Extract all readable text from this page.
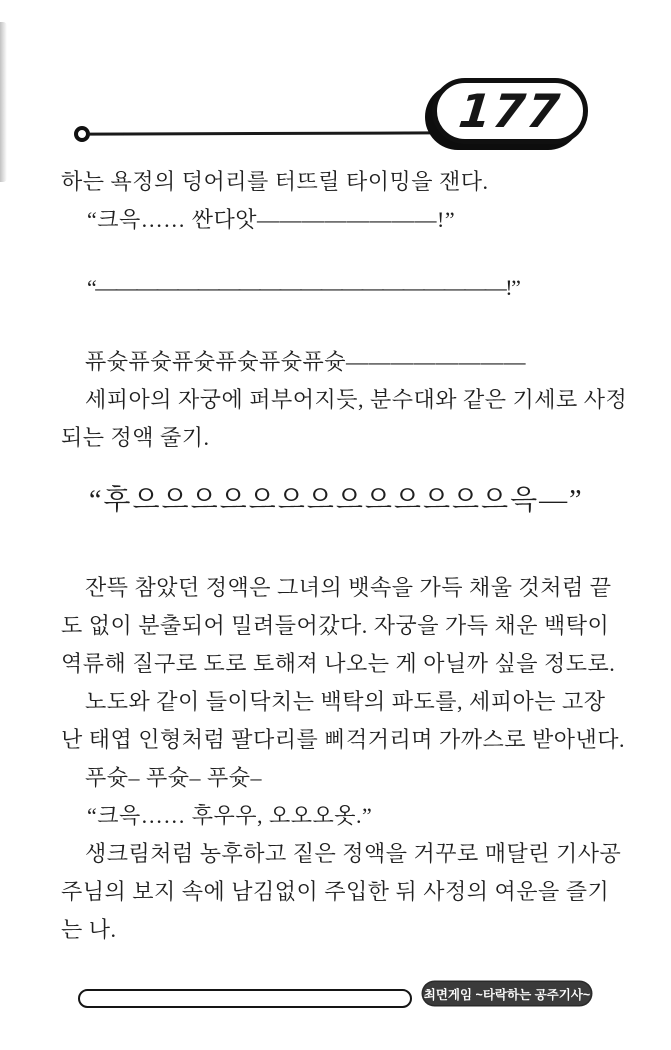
177

하는 욕정의 덩어리를 터뜨릴 타이밍을 잰다.

“크윽…… 싼다앗————————!”

“————————————————————!”

퓨슛퓨슛퓨슛퓨슛퓨슛퓨슛————————

세피아의 자궁에 퍼부어지듯, 분수대와 같은 기세로 사정

되는 정액 줄기.

“후으으으으으으으으으으으으으윽—”

잔뜩 참았던 정액은 그녀의 뱃속을 가득 채울 것처럼 끝

도 없이 분출되어 밀려들어갔다. 자궁을 가득 채운 백탁이

역류해 질구로 도로 토해져 나오는 게 아닐까 싶을 정도로.

노도와 같이 들이닥치는 백탁의 파도를, 세피아는 고장

난 태엽 인형처럼 팔다리를 삐걱거리며 가까스로 받아낸다.

푸슛– 푸슛– 푸슛–

“크윽…… 후우우, 오오오옷.”

생크림처럼 농후하고 짙은 정액을 거꾸로 매달린 기사공

주님의 보지 속에 남김없이 주입한 뒤 사정의 여운을 즐기

는 나.

최면게임 ~타락하는 공주기사~
